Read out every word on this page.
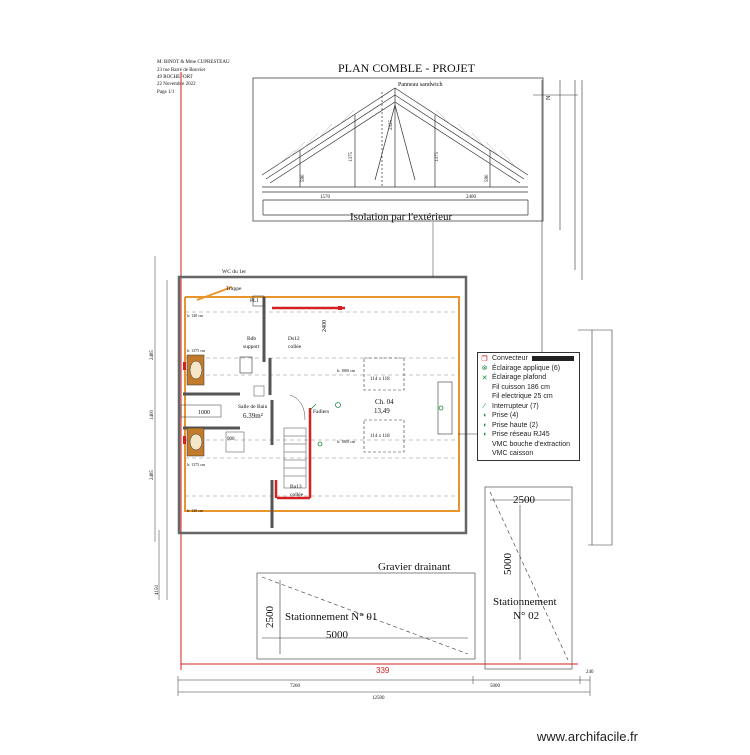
M. BINOT & Mme CUPRESTEAU
23 rue Barré de Bouvier
49 ROCHEFORT
22 Novembre 2022
Page 1/1
PLAN COMBLE - PROJET
Panneau sandwich
1570	2400
1375
2325
1375
580	580
Isolation par l'extérieur
N
2485
1400
2485
4150
114 x 118
114 x 118
1000
900
WC du 1er
Trappe
PLI
Bdb
support
Ds12
collée
Salle de Bain
6.39m²
Ch. 04
13,49
Fadiers
Ba13
collée
h: 140 cm
h: 1375 cm
h: 1375 cm
h: 140 cm
h: 1800 cm
h: 1800 cm
2400
Gravier drainant
Stationnement N° 01
5000
2500
2500
5000
Stationnement
N° 02
339
7260	5000
240
12500
❐ Convecteur
⊗ Éclairage applique (6)
✕ Éclairage plafond
Fil cuisson 186 cm
Fil electrique 25 cm
⁄ Interrupteur (7)
◖ Prise (4)
◖ Prise haute (2)
◖ Prise réseau RJ45
VMC bouche d'extraction
VMC caisson
www.archifacile.fr
